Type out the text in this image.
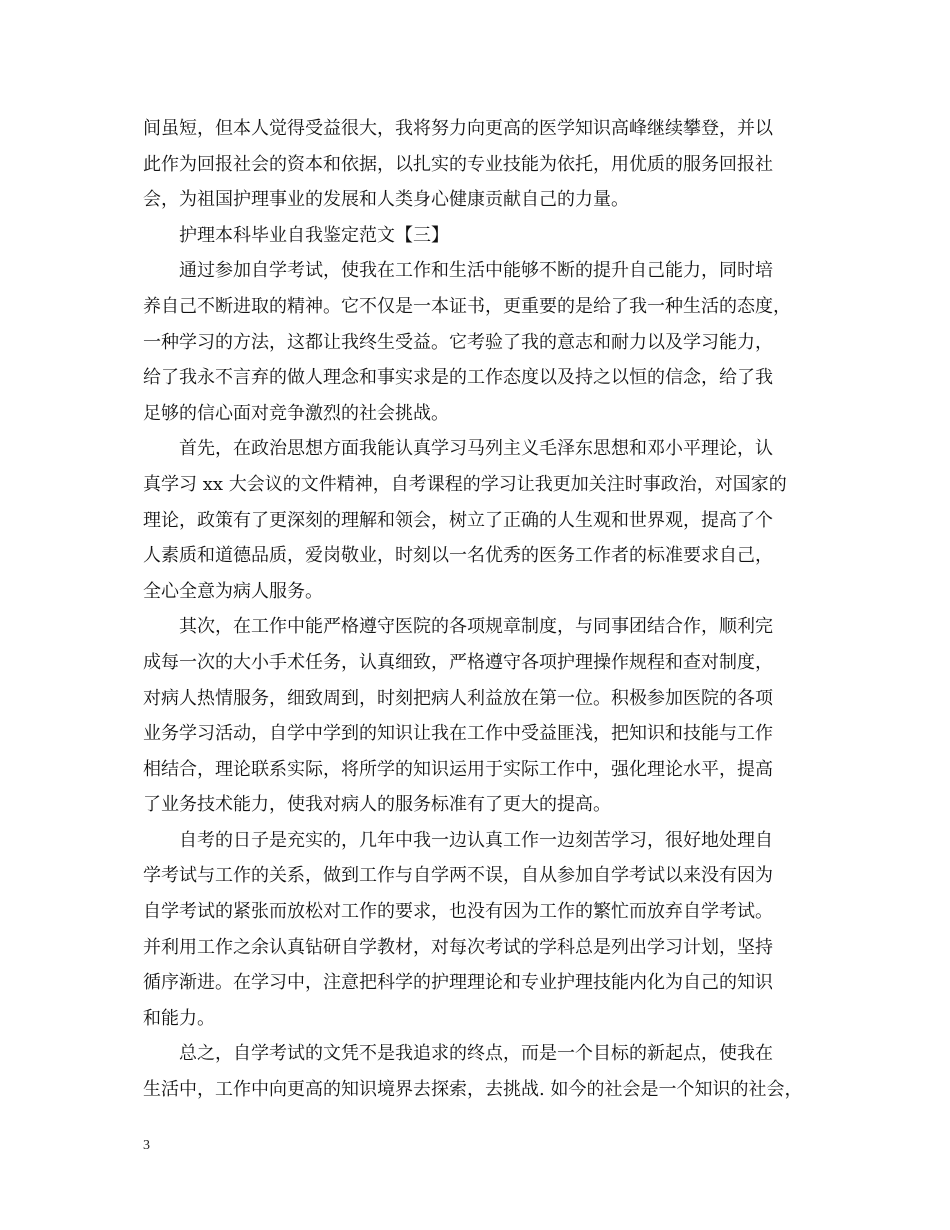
间虽短，但本人觉得受益很大，我将努力向更高的医学知识高峰继续攀登，并以
此作为回报社会的资本和依据，以扎实的专业技能为依托，用优质的服务回报社
会，为祖国护理事业的发展和人类身心健康贡献自己的力量。
护理本科毕业自我鉴定范文【三】
通过参加自学考试，使我在工作和生活中能够不断的提升自己能力，同时培
养自己不断进取的精神。它不仅是一本证书，更重要的是给了我一种生活的态度，
一种学习的方法，这都让我终生受益。它考验了我的意志和耐力以及学习能力，
给了我永不言弃的做人理念和事实求是的工作态度以及持之以恒的信念，给了我
足够的信心面对竞争激烈的社会挑战。
首先，在政治思想方面我能认真学习马列主义毛泽东思想和邓小平理论，认
真学习 xx 大会议的文件精神，自考课程的学习让我更加关注时事政治，对国家的
理论，政策有了更深刻的理解和领会，树立了正确的人生观和世界观，提高了个
人素质和道德品质，爱岗敬业，时刻以一名优秀的医务工作者的标准要求自己，
全心全意为病人服务。
其次，在工作中能严格遵守医院的各项规章制度，与同事团结合作，顺利完
成每一次的大小手术任务，认真细致，严格遵守各项护理操作规程和查对制度，
对病人热情服务，细致周到，时刻把病人利益放在第一位。积极参加医院的各项
业务学习活动，自学中学到的知识让我在工作中受益匪浅，把知识和技能与工作
相结合，理论联系实际，将所学的知识运用于实际工作中，强化理论水平，提高
了业务技术能力，使我对病人的服务标准有了更大的提高。
自考的日子是充实的，几年中我一边认真工作一边刻苦学习，很好地处理自
学考试与工作的关系，做到工作与自学两不误，自从参加自学考试以来没有因为
自学考试的紧张而放松对工作的要求，也没有因为工作的繁忙而放弃自学考试。
并利用工作之余认真钻研自学教材，对每次考试的学科总是列出学习计划，坚持
循序渐进。在学习中，注意把科学的护理理论和专业护理技能内化为自己的知识
和能力。
总之，自学考试的文凭不是我追求的终点，而是一个目标的新起点，使我在
生活中，工作中向更高的知识境界去探索，去挑战. 如今的社会是一个知识的社会，
3
